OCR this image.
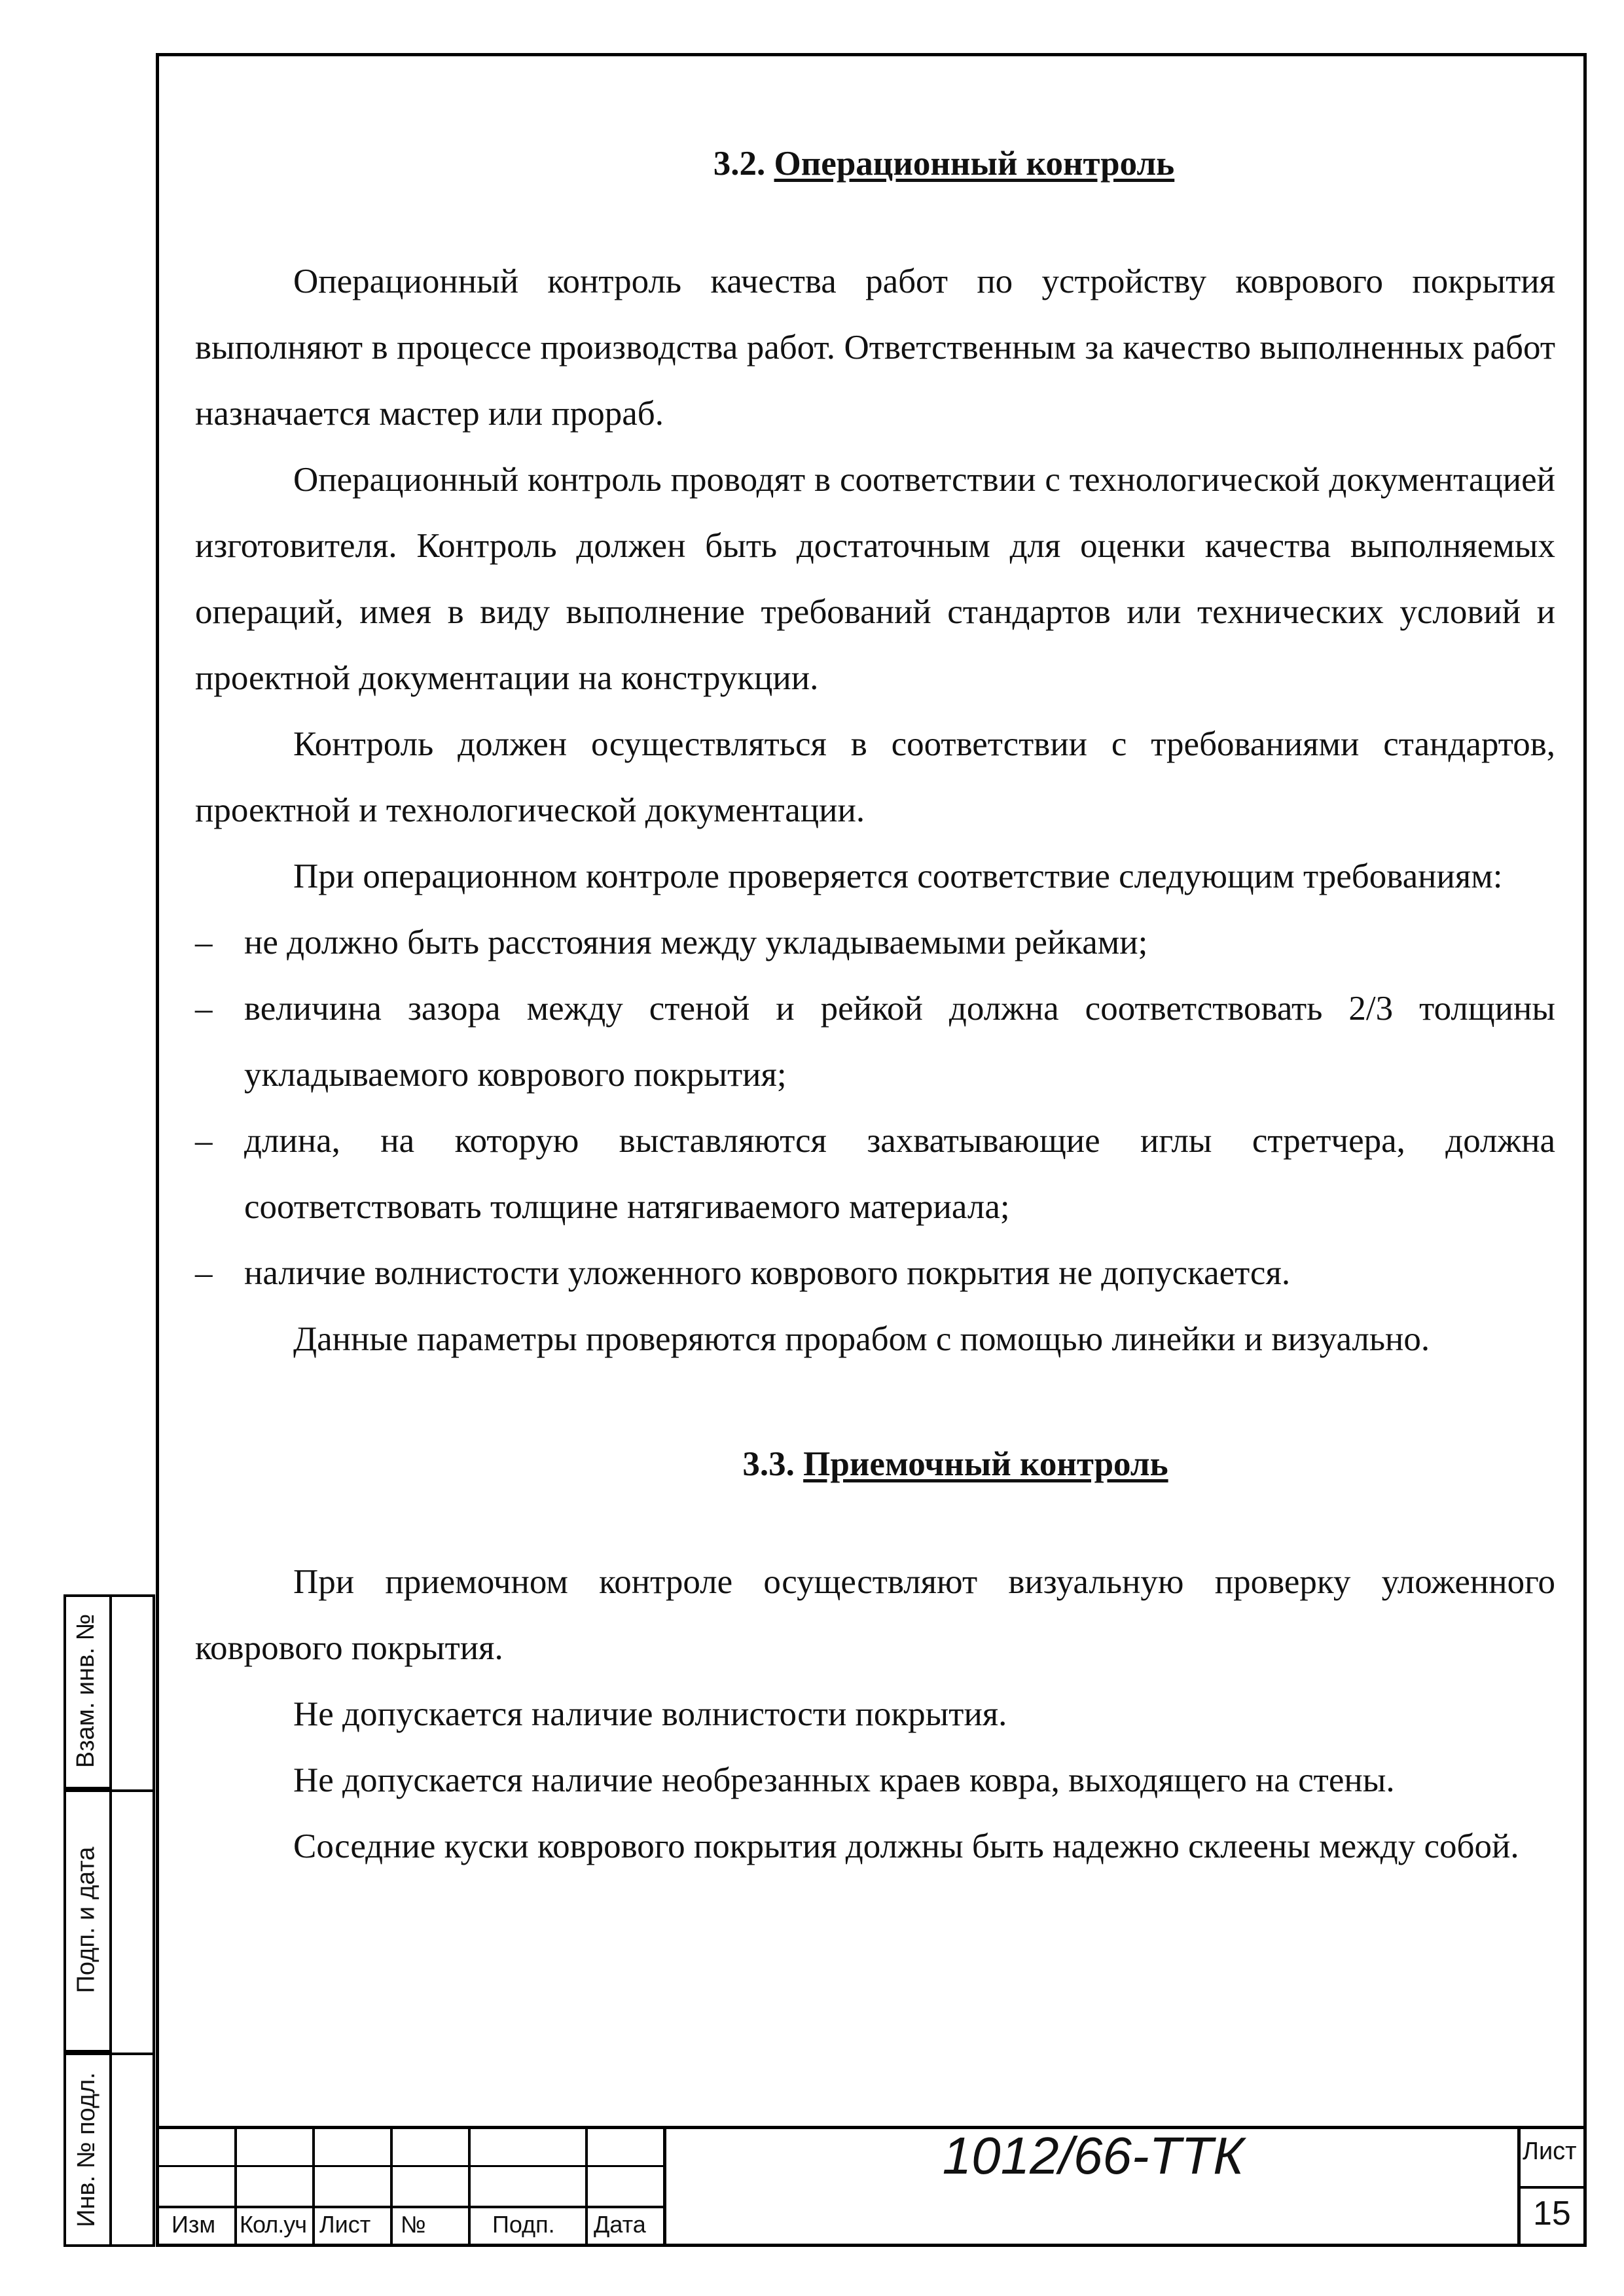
3.2. Операционный контроль

Операционный контроль качества работ по устройству коврового покрытия выполняют в процессе производства работ. Ответственным за качество выполненных работ назначается мастер или прораб.

Операционный контроль проводят в соответствии с технологической документацией изготовителя. Контроль должен быть достаточным для оценки качества выполняемых операций, имея в виду выполнение требований стандартов или технических условий и проектной документации на конструкции.

Контроль должен осуществляться в соответствии с требованиями стандартов, проектной и технологической документации.

При операционном контроле проверяется соответствие следующим требованиям:

– не должно быть расстояния между укладываемыми рейками;

– величина зазора между стеной и рейкой должна соответствовать 2/3 толщины укладываемого коврового покрытия;

– длина, на которую выставляются захватывающие иглы стретчера, должна соответствовать толщине натягиваемого материала;

– наличие волнистости уложенного коврового покрытия не допускается.

Данные параметры проверяются прорабом с помощью линейки и визуально.

3.3. Приемочный контроль

При приемочном контроле осуществляют визуальную проверку уложенного коврового покрытия.

Не допускается наличие волнистости покрытия.

Не допускается наличие необрезанных краев ковра, выходящего на стены.

Соседние куски коврового покрытия должны быть надежно склеены между собой.

Взам. инв. №
Подп. и дата
Инв. № подл.	Изм Кол.уч Лист №	Подп. Дата
1012/66-ТТК	Лист
15
